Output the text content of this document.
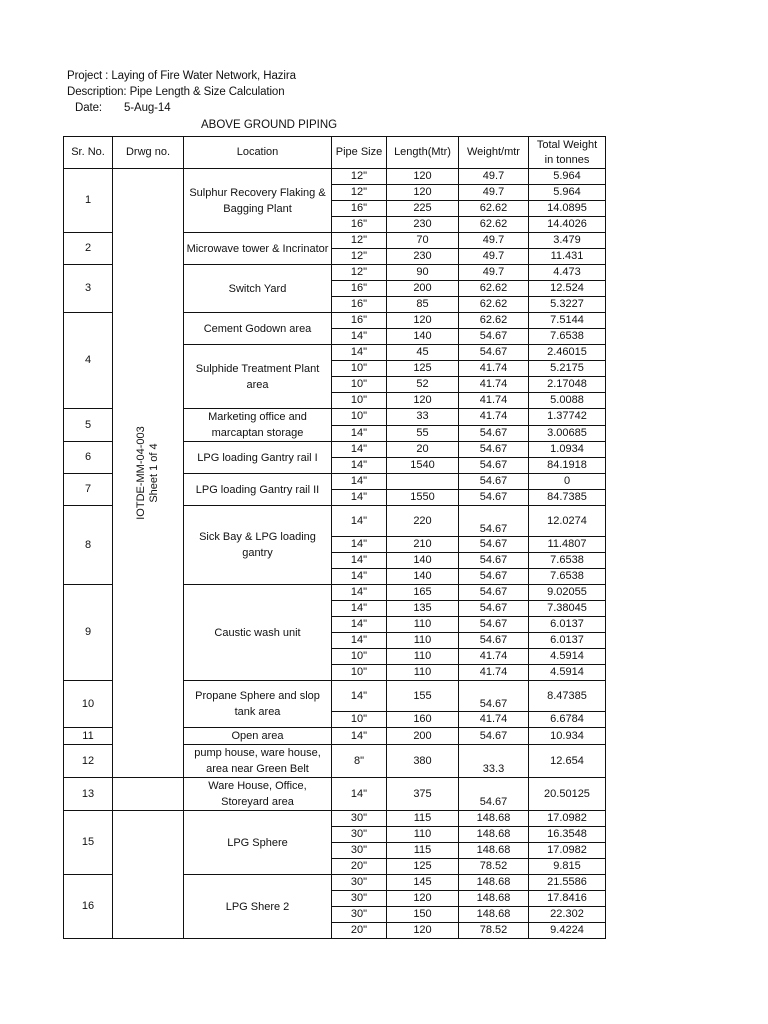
Project : Laying of Fire Water Network, Hazira
Description: Pipe Length & Size Calculation
Date: 5-Aug-14
ABOVE GROUND PIPING
Sr. No.	Drwg no.	Location	Pipe Size	Length(Mtr)	Weight/mtr	Total Weight
in tonnes
1	IOTDE-MM-04-003 Sheet 1 of 4	Sulphur Recovery Flaking & Bagging Plant	12"	120	49.7	5.964
			12"	120	49.7	5.964
			16"	225	62.62	14.0895
			16"	230	62.62	14.4026
2		Microwave tower & Incrinator	12"	70	49.7	3.479
			12"	230	49.7	11.431
3		Switch Yard	12"	90	49.7	4.473
			16"	200	62.62	12.524
			16"	85	62.62	5.3227
4		Cement Godown area	16"	120	62.62	7.5144
			14"	140	54.67	7.6538
		Sulphide Treatment Plant area	14"	45	54.67	2.46015
			10"	125	41.74	5.2175
			10"	52	41.74	2.17048
			10"	120	41.74	5.0088
5		Marketing office and marcaptan storage	10"	33	41.74	1.37742
			14"	55	54.67	3.00685
6		LPG loading Gantry rail I	14"	20	54.67	1.0934
			14"	1540	54.67	84.1918
7		LPG loading Gantry rail II	14"		54.67	0
			14"	1550	54.67	84.7385
8		Sick Bay & LPG loading gantry	14"	220	54.67	12.0274
			14"	210	54.67	11.4807
			14"	140	54.67	7.6538
			14"	140	54.67	7.6538
9		Caustic wash unit	14"	165	54.67	9.02055
			14"	135	54.67	7.38045
			14"	110	54.67	6.0137
			14"	110	54.67	6.0137
			10"	110	41.74	4.5914
			10"	110	41.74	4.5914
10		Propane Sphere and slop tank area	14"	155	54.67	8.47385
			10"	160	41.74	6.6784
11		Open area	14"	200	54.67	10.934
12		pump house, ware house, area near Green Belt	8"	380	33.3	12.654
13		Ware House, Office, Storeyard area	14"	375	54.67	20.50125
15		LPG Sphere	30"	115	148.68	17.0982
			30"	110	148.68	16.3548
			30"	115	148.68	17.0982
			20"	125	78.52	9.815
16		LPG Shere 2	30"	145	148.68	21.5586
			30"	120	148.68	17.8416
			30"	150	148.68	22.302
			20"	120	78.52	9.4224
